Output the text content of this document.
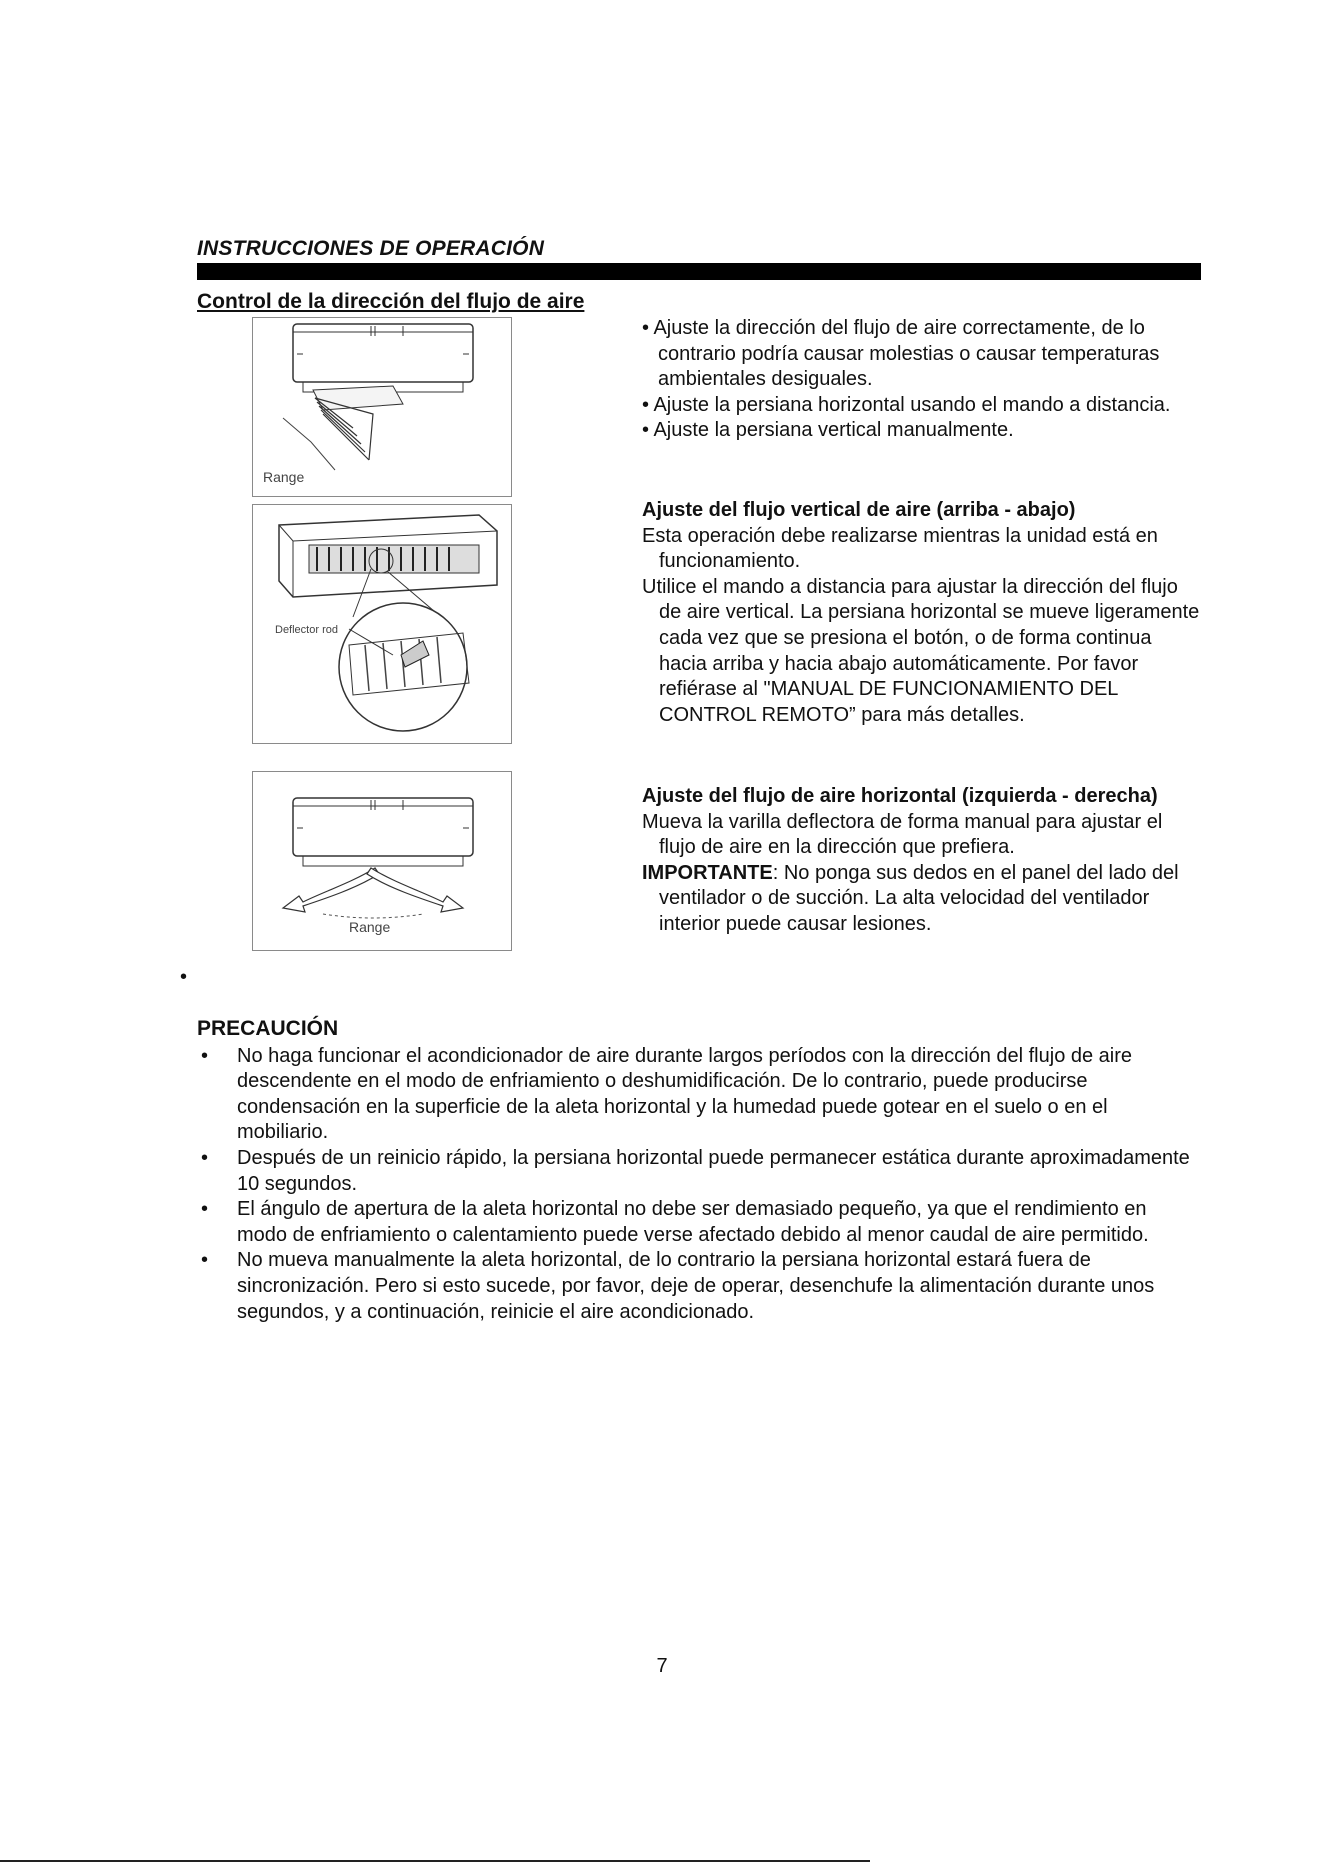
INSTRUCCIONES DE OPERACIÓN
Control de la dirección del flujo de aire
Range
Deflector rod
Range
• Ajuste la dirección del flujo de aire correctamente, de lo contrario podría causar molestias o causar temperaturas ambientales desiguales.
• Ajuste la persiana horizontal usando el mando a distancia.
• Ajuste la persiana vertical manualmente.
Ajuste del flujo vertical de aire (arriba - abajo)
Esta operación debe realizarse mientras la unidad está en funcionamiento.
Utilice el mando a distancia para ajustar la dirección del flujo de aire vertical. La persiana horizontal se mueve ligeramente cada vez que se presiona el botón, o de forma continua hacia arriba y hacia abajo automáticamente. Por favor refiérase al "MANUAL DE FUNCIONAMIENTO DEL CONTROL REMOTO” para más detalles.
Ajuste del flujo de aire horizontal (izquierda - derecha)
Mueva la varilla deflectora de forma manual para ajustar el flujo de aire en la dirección que prefiera.
IMPORTANTE: No ponga sus dedos en el panel del lado del ventilador o de succión. La alta velocidad del ventilador interior puede causar lesiones.
•
PRECAUCIÓN
• No haga funcionar el acondicionador de aire durante largos períodos con la dirección del flujo de aire descendente en el modo de enfriamiento o deshumidificación. De lo contrario, puede producirse condensación en la superficie de la aleta horizontal y la humedad puede gotear en el suelo o en el mobiliario.
• Después de un reinicio rápido, la persiana horizontal puede permanecer estática durante aproximadamente 10 segundos.
• El ángulo de apertura de la aleta horizontal no debe ser demasiado pequeño, ya que el rendimiento en modo de enfriamiento o calentamiento puede verse afectado debido al menor caudal de aire permitido.
• No mueva manualmente la aleta horizontal, de lo contrario la persiana horizontal estará fuera de sincronización. Pero si esto sucede, por favor, deje de operar, desenchufe la alimentación durante unos segundos, y a continuación, reinicie el aire acondicionado.
7
